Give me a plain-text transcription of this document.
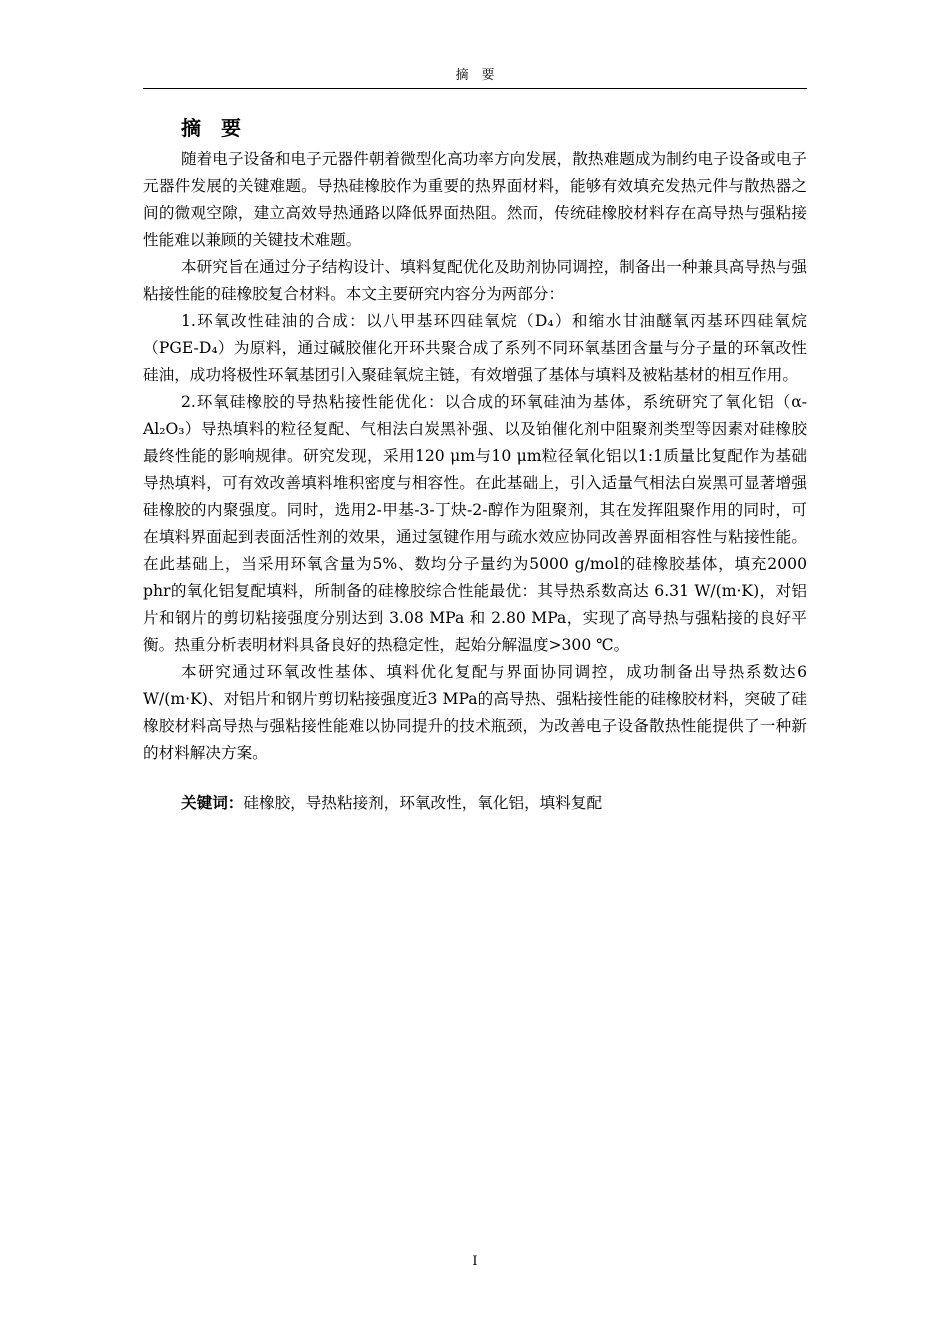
摘　要
摘　要

随着电子设备和电子元器件朝着微型化高功率方向发展，散热难题成为制约电子设备或电子元器件发展的关键难题。导热硅橡胶作为重要的热界面材料，能够有效填充发热元件与散热器之间的微观空隙，建立高效导热通路以降低界面热阻。然而，传统硅橡胶材料存在高导热与强粘接性能难以兼顾的关键技术难题。

本研究旨在通过分子结构设计、填料复配优化及助剂协同调控，制备出一种兼具高导热与强粘接性能的硅橡胶复合材料。本文主要研究内容分为两部分：

1.环氧改性硅油的合成：以八甲基环四硅氧烷（D₄）和缩水甘油醚氧丙基环四硅氧烷（PGE-D₄）为原料，通过碱胶催化开环共聚合成了系列不同环氧基团含量与分子量的环氧改性硅油，成功将极性环氧基团引入聚硅氧烷主链，有效增强了基体与填料及被粘基材的相互作用。

2.环氧硅橡胶的导热粘接性能优化：以合成的环氧硅油为基体，系统研究了氧化铝（α-Al₂O₃）导热填料的粒径复配、气相法白炭黑补强、以及铂催化剂中阻聚剂类型等因素对硅橡胶最终性能的影响规律。研究发现，采用120 μm与10 μm粒径氧化铝以1:1质量比复配作为基础导热填料，可有效改善填料堆积密度与相容性。在此基础上，引入适量气相法白炭黑可显著增强硅橡胶的内聚强度。同时，选用2-甲基-3-丁炔-2-醇作为阻聚剂，其在发挥阻聚作用的同时，可在填料界面起到表面活性剂的效果，通过氢键作用与疏水效应协同改善界面相容性与粘接性能。在此基础上，当采用环氧含量为5%、数均分子量约为5000 g/mol的硅橡胶基体，填充2000 phr的氧化铝复配填料，所制备的硅橡胶综合性能最优：其导热系数高达 6.31 W/(m·K)，对铝片和钢片的剪切粘接强度分别达到 3.08 MPa 和 2.80 MPa，实现了高导热与强粘接的良好平衡。热重分析表明材料具备良好的热稳定性，起始分解温度>300 ℃。

本研究通过环氧改性基体、填料优化复配与界面协同调控，成功制备出导热系数达6 W/(m·K)、对铝片和钢片剪切粘接强度近3 MPa的高导热、强粘接性能的硅橡胶材料，突破了硅橡胶材料高导热与强粘接性能难以协同提升的技术瓶颈，为改善电子设备散热性能提供了一种新的材料解决方案。

关键词：硅橡胶，导热粘接剂，环氧改性，氧化铝，填料复配
I
